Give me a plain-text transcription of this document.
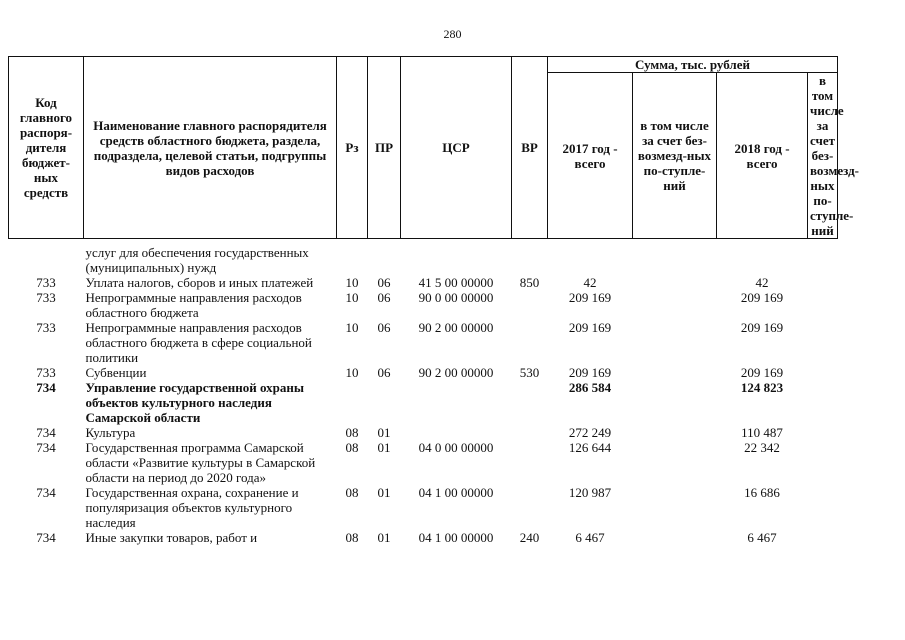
280
Код главного распоря-дителя бюджет-ных средств	Наименование главного распорядителя средств областного бюджета, раздела, подраздела, целевой статьи, подгруппы видов расходов	Рз	ПР	ЦСР	ВР	Сумма, тыс. рублей			
						2017 год - всего	в том числе за счет без-возмезд-ных по-ступле-ний	2018 год - всего	в том числе за счет без-возмезд-ных по-ступле-ний

	услуг для обеспечения государственных (муниципальных) нужд								
733	Уплата налогов, сборов и иных платежей	10	06	41 5 00 00000	850	42		42	
733	Непрограммные направления расходов областного бюджета	10	06	90 0 00 00000		209 169		209 169	
733	Непрограммные направления расходов областного бюджета в сфере социальной политики	10	06	90 2 00 00000		209 169		209 169	
733	Субвенции	10	06	90 2 00 00000	530	209 169		209 169	
734	Управление государственной охраны объектов культурного наследия Самарской области					286 584		124 823	
734	Культура	08	01			272 249		110 487	
734	Государственная программа Самарской области «Развитие культуры в Самарской области на период до 2020 года»	08	01	04 0 00 00000		126 644		22 342	
734	Государственная охрана, сохранение и популяризация объектов культурного наследия	08	01	04 1 00 00000		120 987		16 686	
734	Иные закупки товаров, работ и	08	01	04 1 00 00000	240	6 467		6 467	
